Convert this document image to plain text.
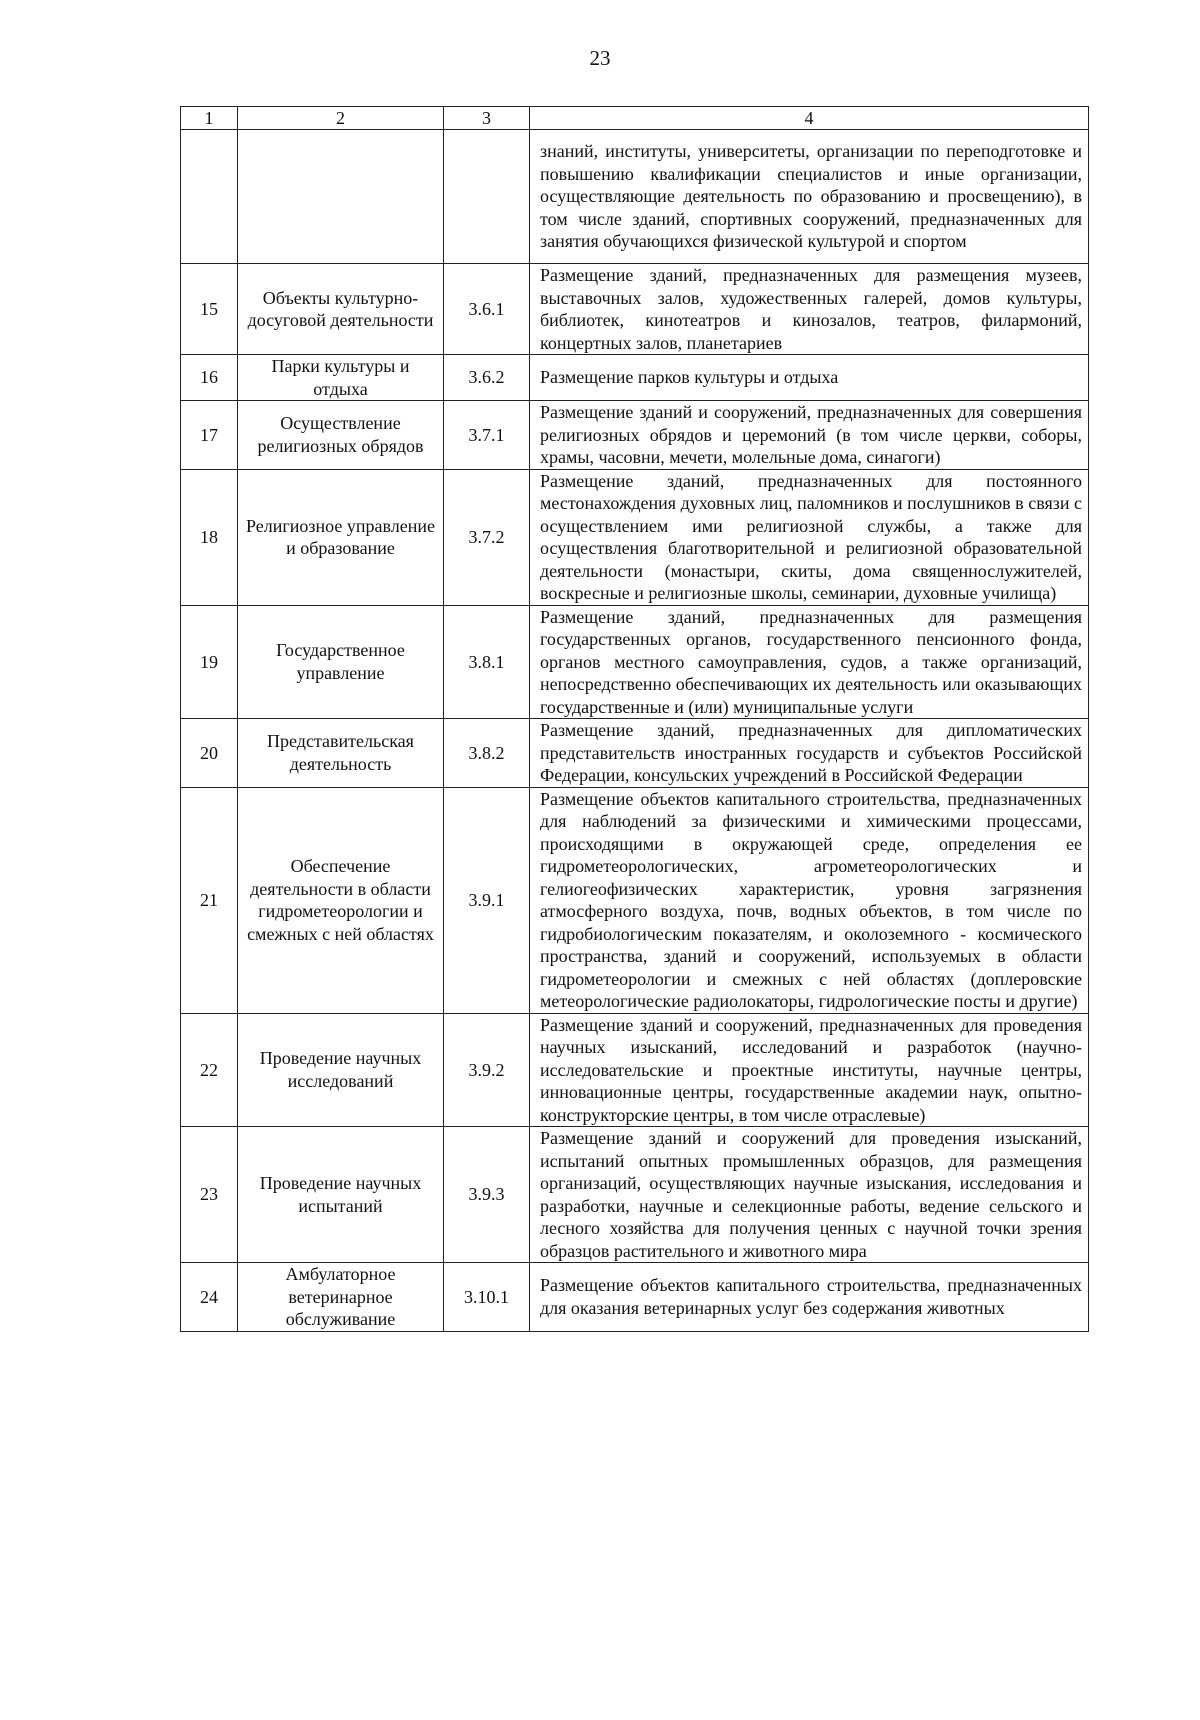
23
1	2	3	4
			знаний, институты, университеты, организации по переподготовке и повышению квалификации специалистов и иные организации, осуществляющие деятельность по образованию и просвещению), в том числе зданий, спортивных сооружений, предназначенных для занятия обучающихся физической культурой и спортом
15	Объекты культурно-досуговой деятельности	3.6.1	Размещение зданий, предназначенных для размещения музеев, выставочных залов, художественных галерей, домов культуры, библиотек, кинотеатров и кинозалов, театров, филармоний, концертных залов, планетариев
16	Парки культуры и отдыха	3.6.2	Размещение парков культуры и отдыха
17	Осуществление религиозных обрядов	3.7.1	Размещение зданий и сооружений, предназначенных для совершения религиозных обрядов и церемоний (в том числе церкви, соборы, храмы, часовни, мечети, молельные дома, синагоги)
18	Религиозное управление и образование	3.7.2	Размещение зданий, предназначенных для постоянного местонахождения духовных лиц, паломников и послушников в связи с осуществлением ими религиозной службы, а также для осуществления благотворительной и религиозной образовательной деятельности (монастыри, скиты, дома священнослужителей, воскресные и религиозные школы, семинарии, духовные училища)
19	Государственное управление	3.8.1	Размещение зданий, предназначенных для размещения государственных органов, государственного пенсионного фонда, органов местного самоуправления, судов, а также организаций, непосредственно обеспечивающих их деятельность или оказывающих государственные и (или) муниципальные услуги
20	Представительская деятельность	3.8.2	Размещение зданий, предназначенных для дипломатических представительств иностранных государств и субъектов Российской Федерации, консульских учреждений в Российской Федерации
21	Обеспечение деятельности в области гидрометеорологии и смежных с ней областях	3.9.1	Размещение объектов капитального строительства, предназначенных для наблюдений за физическими и химическими процессами, происходящими в окружающей среде, определения ее гидрометеорологических, агрометеорологических и гелиогеофизических характеристик, уровня загрязнения атмосферного воздуха, почв, водных объектов, в том числе по гидробиологическим показателям, и околоземного - космического пространства, зданий и сооружений, используемых в области гидрометеорологии и смежных с ней областях (доплеровские метеорологические радиолокаторы, гидрологические посты и другие)
22	Проведение научных исследований	3.9.2	Размещение зданий и сооружений, предназначенных для проведения научных изысканий, исследований и разработок (научно-исследовательские и проектные институты, научные центры, инновационные центры, государственные академии наук, опытно-конструкторские центры, в том числе отраслевые)
23	Проведение научных испытаний	3.9.3	Размещение зданий и сооружений для проведения изысканий, испытаний опытных промышленных образцов, для размещения организаций, осуществляющих научные изыскания, исследования и разработки, научные и селекционные работы, ведение сельского и лесного хозяйства для получения ценных с научной точки зрения образцов растительного и животного мира
24	Амбулаторное ветеринарное обслуживание	3.10.1	Размещение объектов капитального строительства, предназначенных для оказания ветеринарных услуг без содержания животных
